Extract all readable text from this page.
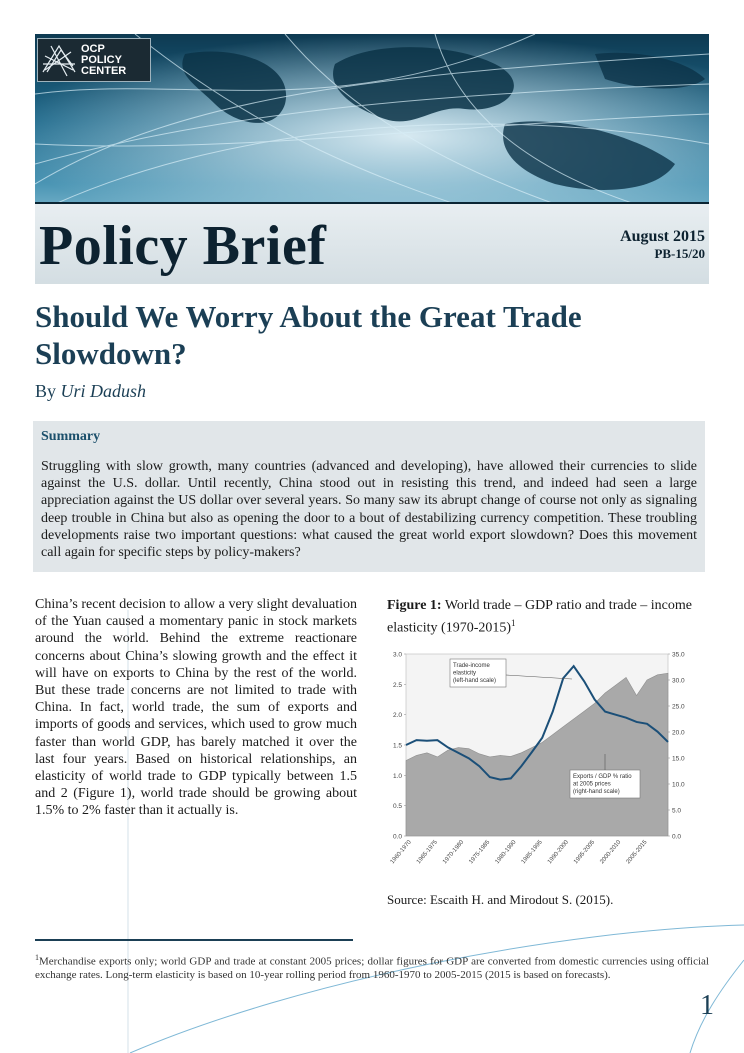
OCP
POLICY
CENTER
Policy Brief	August 2015
PB-15/20
Should We Worry About the Great Trade Slowdown?
By Uri Dadush
Summary
Struggling with slow growth, many countries (advanced and developing), have allowed their currencies to slide against the U.S. dollar. Until recently, China stood out in resisting this trend, and indeed had seen a large appreciation against the US dollar over several years. So many saw its abrupt change of course not only as signaling deep trouble in China but also as opening the door to a bout of destabilizing currency competition. These troubling developments raise two important questions: what caused the great world export slowdown? Does this movement call again for specific steps by policy-makers?
China’s recent decision to allow a very slight devaluation of the Yuan caused a momentary panic in stock markets around the world. Behind the extreme reactionare concerns about China’s slowing growth and the effect it will have on exports to China by the rest of the world. But these trade concerns are not limited to trade with China. In fact, world trade, the sum of exports and imports of goods and services, which used to grow much faster than world GDP, has barely matched it over the last four years. Based on historical relationships, an elasticity of world trade to GDP typically between 1.5 and 2 (Figure 1), world trade should be growing about 1.5% to 2% faster than it actually is.
Figure 1: World trade – GDP ratio and trade – income elasticity (1970-2015)$^1$
0.0
0.5
1.0
1.5
2.0
2.5
3.0
0.0
5.0
10.0
15.0
20.0
25.0
30.0
35.0
1960-1970 1965-1975 1970-1980 1975-1985 1980-1990 1985-1995 1990-2000 1995-2005 2000-2010 2005-2015
Trade-income
elasticity
(left-hand scale)
Exports / GDP % ratio
at 2005 prices
(right-hand scale)
Source: Escaith H. and Mirodout S. (2015).
$^1$Merchandise exports only; world GDP and trade at constant 2005 prices; dollar figures for GDP are converted from domestic currencies using official exchange rates. Long-term elasticity is based on 10-year rolling period from 1960-1970 to 2005-2015 (2015 is based on forecasts).
1
